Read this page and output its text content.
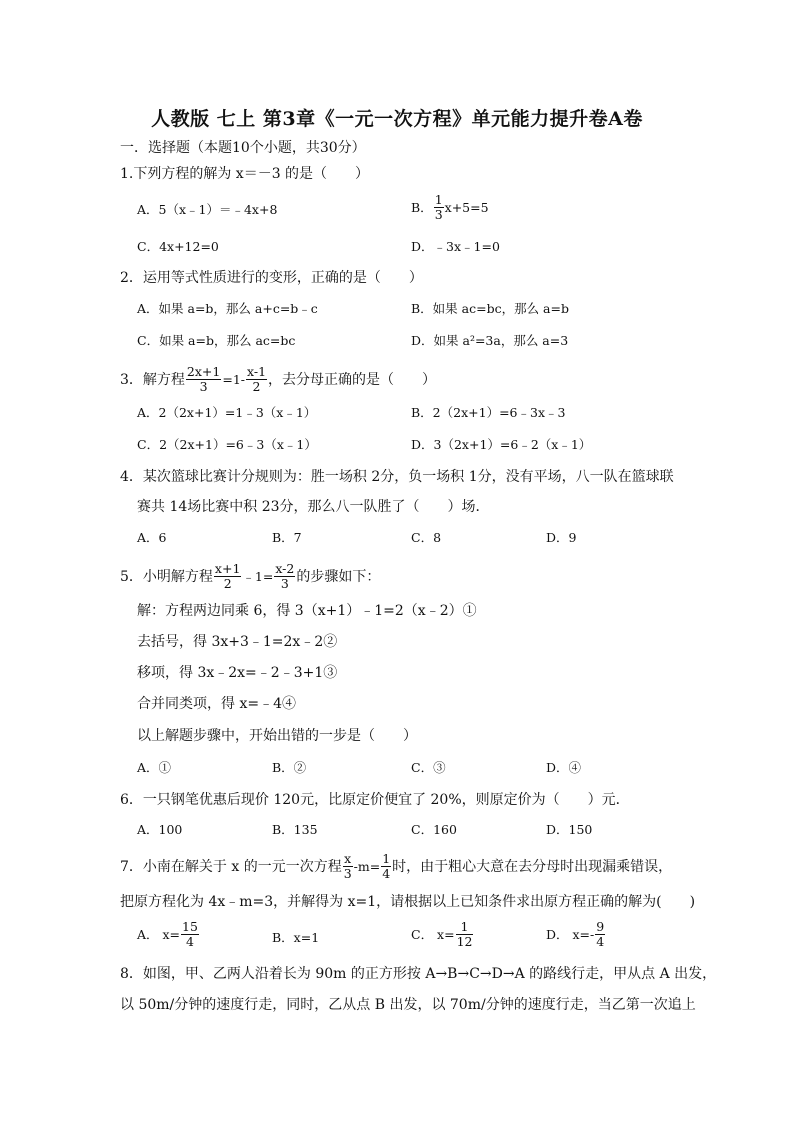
人教版 七上 第3章《一元一次方程》单元能力提升卷A卷
一．选择题（本题10个小题，共30分）
1.下列方程的解为 x＝－3 的是（　　）
A．5（x﹣1）＝﹣4x+8	B． $\frac{1}{3} x+5=5$
C．4x+12=0	D．﹣3x﹣1=0
2．运用等式性质进行的变形，正确的是（　　）
A．如果 a=b，那么 a+c=b﹣c	B．如果 ac=bc，那么 a=b
C．如果 a=b，那么 ac=bc	D．如果 a²=3a，那么 a=3
3．解方程 $\frac{2x+1}{3} =1- \frac{x-1}{2}$ ，去分母正确的是（　　）
A．2（2x+1）=1﹣3（x﹣1）	B．2（2x+1）=6﹣3x﹣3
C．2（2x+1）=6﹣3（x﹣1）	D．3（2x+1）=6﹣2（x﹣1）
4．某次篮球比赛计分规则为：胜一场积 2分，负一场积 1分，没有平场，八一队在篮球联
赛共 14场比赛中积 23分，那么八一队胜了（　　）场．
A．6	B．7	C．8	D．9
5．小明解方程 $\frac{x+1}{2}$ ﹣1= $\frac{x-2}{3}$ 的步骤如下：
解：方程两边同乘 6，得 3（x+1）﹣1=2（x﹣2）①
去括号，得 3x+3﹣1=2x﹣2②
移项，得 3x﹣2x=﹣2﹣3+1③
合并同类项，得 x=﹣4④
以上解题步骤中，开始出错的一步是（　　）
A．①	B．②	C．③	D．④
6．一只钢笔优惠后现价 120元，比原定价便宜了 20%，则原定价为（　　）元．
A．100	B．135	C．160	D．150
7．小南在解关于 x 的一元一次方程 $\frac{x}{3} -m= \frac{1}{4}$ 时，由于粗心大意在去分母时出现漏乘错误，
把原方程化为 4x﹣m=3，并解得为 x=1，请根据以上已知条件求出原方程正确的解为(　　)
A． $x= \frac{15}{4}$	B．x=1	C． $x= \frac{1}{12}$	D． $x=- \frac{9}{4}$
8．如图，甲、乙两人沿着长为 90m 的正方形按 A→B→C→D→A 的路线行走，甲从点 A 出发，
以 50m/分钟的速度行走，同时，乙从点 B 出发，以 70m/分钟的速度行走，当乙第一次追上
